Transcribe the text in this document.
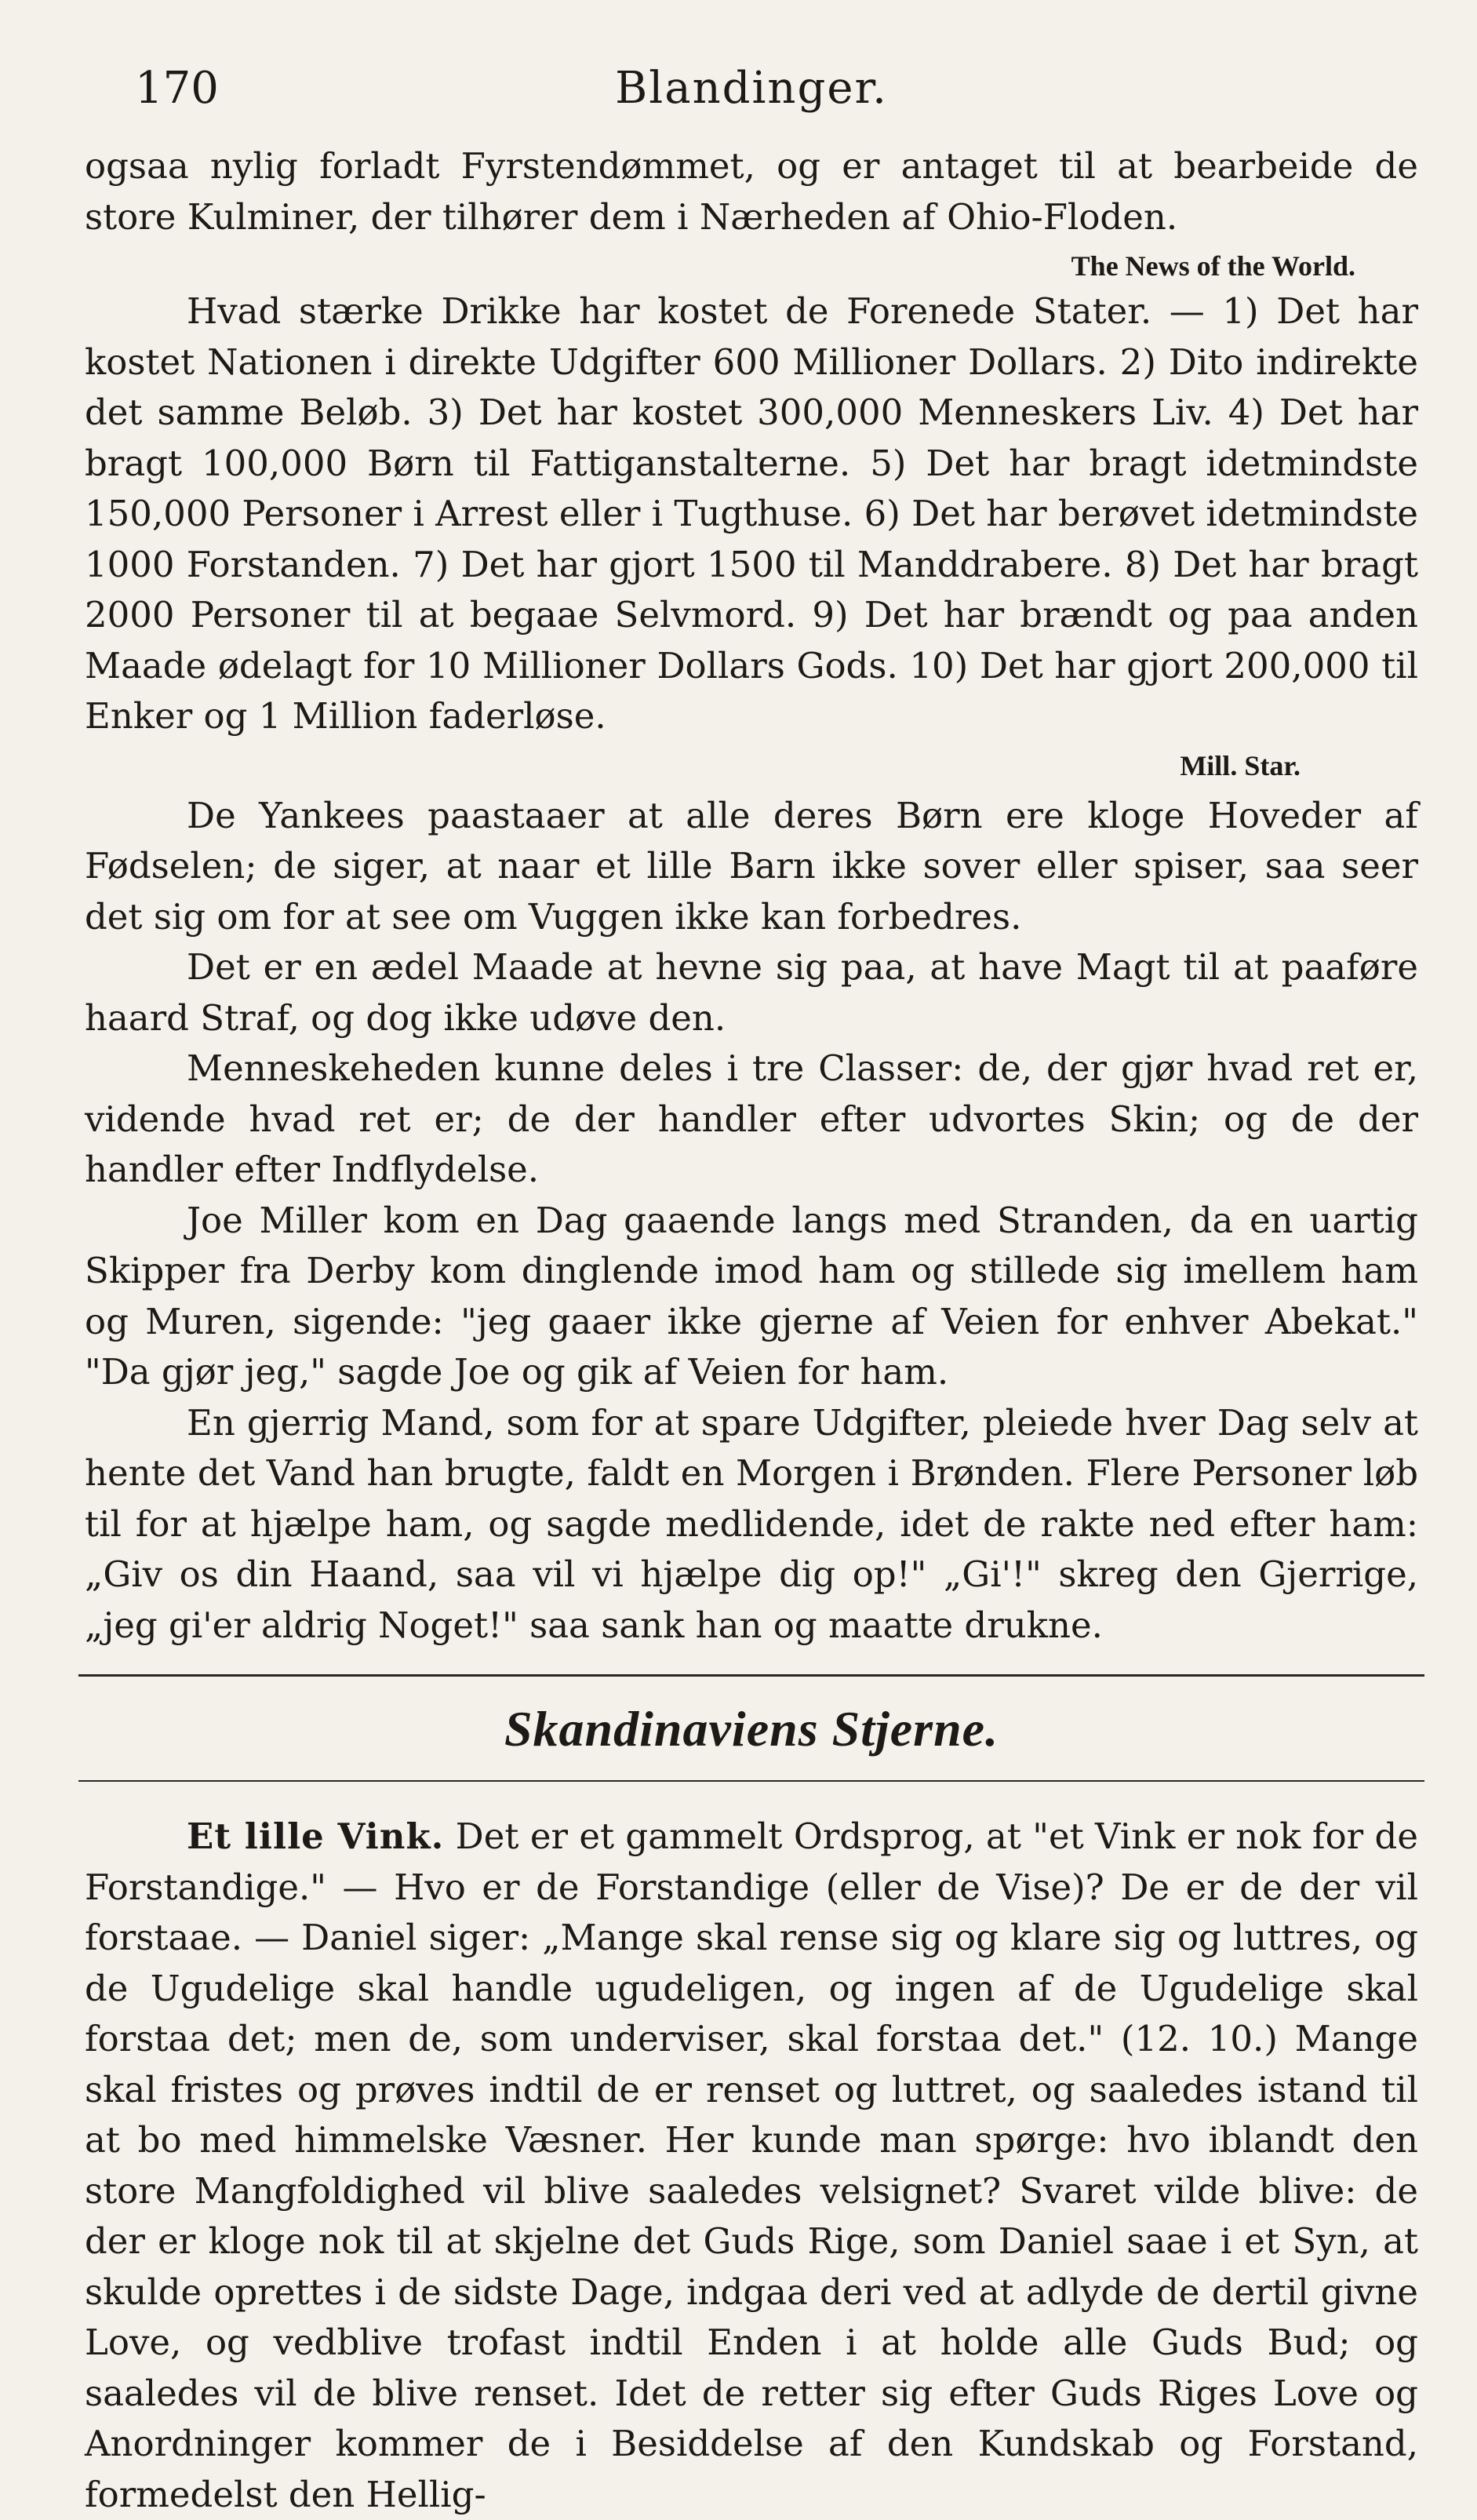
170	Blandinger.

ogsaa nylig forladt Fyrstendømmet, og er antaget til at bearbeide de store Kulminer, der tilhører dem i Nærheden af Ohio-Floden.

The News of the World.

Hvad stærke Drikke har kostet de Forenede Stater. — 1) Det har kostet Nationen i direkte Udgifter 600 Millioner Dollars. 2) Dito indirekte det samme Beløb. 3) Det har kostet 300,000 Menneskers Liv. 4) Det har bragt 100,000 Børn til Fattiganstalterne. 5) Det har bragt idetmindste 150,000 Personer i Arrest eller i Tugthuse. 6) Det har berøvet idetmindste 1000 Forstanden. 7) Det har gjort 1500 til Manddrabere. 8) Det har bragt 2000 Personer til at begaae Selvmord. 9) Det har brændt og paa anden Maade ødelagt for 10 Millioner Dollars Gods. 10) Det har gjort 200,000 til Enker og 1 Million faderløse.

Mill. Star.

De Yankees paastaaer at alle deres Børn ere kloge Hoveder af Fødselen; de siger, at naar et lille Barn ikke sover eller spiser, saa seer det sig om for at see om Vuggen ikke kan forbedres.

Det er en ædel Maade at hevne sig paa, at have Magt til at paaføre haard Straf, og dog ikke udøve den.

Menneskeheden kunne deles i tre Classer: de, der gjør hvad ret er, vidende hvad ret er; de der handler efter udvortes Skin; og de der handler efter Indflydelse.

Joe Miller kom en Dag gaaende langs med Stranden, da en uartig Skipper fra Derby kom dinglende imod ham og stillede sig imellem ham og Muren, sigende: "jeg gaaer ikke gjerne af Veien for enhver Abekat." "Da gjør jeg," sagde Joe og gik af Veien for ham.

En gjerrig Mand, som for at spare Udgifter, pleiede hver Dag selv at hente det Vand han brugte, faldt en Morgen i Brønden. Flere Personer løb til for at hjælpe ham, og sagde medlidende, idet de rakte ned efter ham: „Giv os din Haand, saa vil vi hjælpe dig op!" „Gi'!" skreg den Gjerrige, „jeg gi'er aldrig Noget!" saa sank han og maatte drukne.

Skandinaviens Stjerne.

Et lille Vink. Det er et gammelt Ordsprog, at "et Vink er nok for de Forstandige." — Hvo er de Forstandige (eller de Vise)? De er de der vil forstaae. — Daniel siger: „Mange skal rense sig og klare sig og luttres, og de Ugudelige skal handle ugudeligen, og ingen af de Ugudelige skal forstaa det; men de, som underviser, skal forstaa det." (12. 10.) Mange skal fristes og prøves indtil de er renset og luttret, og saaledes istand til at bo med himmelske Væsner. Her kunde man spørge: hvo iblandt den store Mangfoldighed vil blive saaledes velsignet? Svaret vilde blive: de der er kloge nok til at skjelne det Guds Rige, som Daniel saae i et Syn, at skulde oprettes i de sidste Dage, indgaa deri ved at adlyde de dertil givne Love, og vedblive trofast indtil Enden i at holde alle Guds Bud; og saaledes vil de blive renset. Idet de retter sig efter Guds Riges Love og Anordninger kommer de i Besiddelse af den Kundskab og Forstand, formedelst den Hellig-
